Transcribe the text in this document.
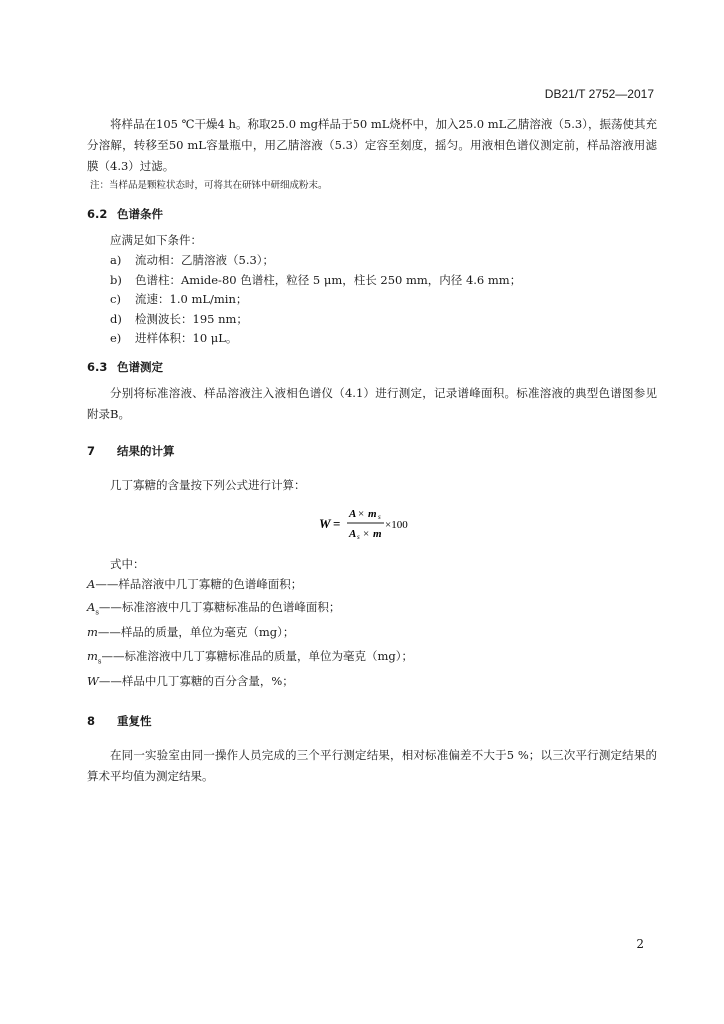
DB21/T 2752—2017

将样品在105 ℃干燥4 h。称取25.0 mg样品于50 mL烧杯中，加入25.0 mL乙腈溶液（5.3），振荡使其充分溶解，转移至50 mL容量瓶中，用乙腈溶液（5.3）定容至刻度，摇匀。用液相色谱仪测定前，样品溶液用滤膜（4.3）过滤。

注：当样品是颗粒状态时，可将其在研钵中研细成粉末。

6.2 色谱条件

应满足如下条件：

a) 流动相：乙腈溶液（5.3）；
b) 色谱柱：Amide-80 色谱柱，粒径 5 μm，柱长 250 mm，内径 4.6 mm；
c) 流速：1.0 mL/min；
d) 检测波长：195 nm；
e) 进样体积：10 μL。
6.3 色谱测定

分别将标准溶液、样品溶液注入液相色谱仪（4.1）进行测定，记录谱峰面积。标准溶液的典型色谱图参见附录B。

7 结果的计算

几丁寡糖的含量按下列公式进行计算：

W =
A × m s
A s × m
×100

式中：

A——样品溶液中几丁寡糖的色谱峰面积；
$A_s——$标准溶液中几丁寡糖标准品的色谱峰面积；
m——样品的质量，单位为毫克（mg）；
$m_s——$标准溶液中几丁寡糖标准品的质量，单位为毫克（mg）；
W——样品中几丁寡糖的百分含量，%；
8 重复性

在同一实验室由同一操作人员完成的三个平行测定结果，相对标准偏差不大于5 %；以三次平行测定结果的算术平均值为测定结果。

2
